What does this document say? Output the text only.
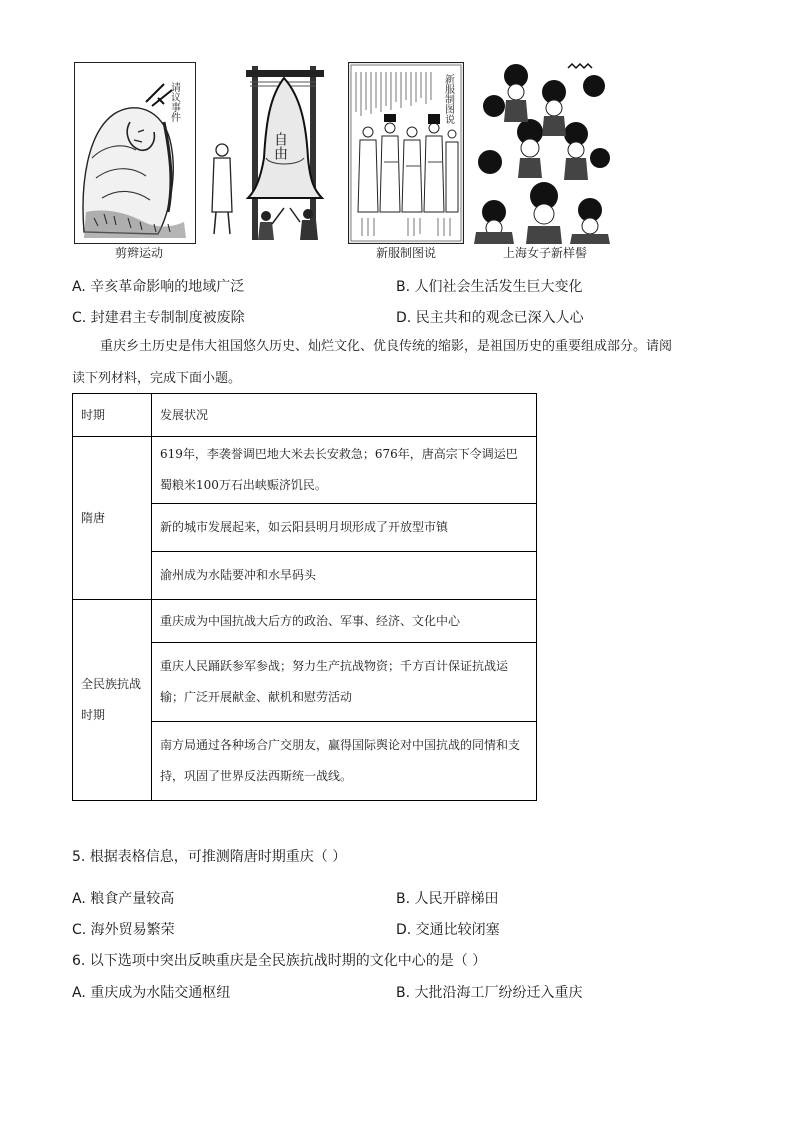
请议事件
剪辫运动
自由
新服制图说
新服制图说	上海女子新样髻
A. 辛亥革命影响的地域广泛	B. 人们社会生活发生巨大变化
C. 封建君主专制制度被废除	D. 民主共和的观念已深入人心
重庆乡土历史是伟大祖国悠久历史、灿烂文化、优良传统的缩影，是祖国历史的重要组成部分。请阅
读下列材料，完成下面小题。
时期	发展状况
隋唐	619年，李袭誉调巴地大米去长安救急；676年，唐高宗下令调运巴蜀粮米100万石出峡赈济饥民。
	新的城市发展起来，如云阳县明月坝形成了开放型市镇
	渝州成为水陆要冲和水旱码头
全民族抗战时期	重庆成为中国抗战大后方的政治、军事、经济、文化中心
	重庆人民踊跃参军参战；努力生产抗战物资；千方百计保证抗战运输；广泛开展献金、献机和慰劳活动
	南方局通过各种场合广交朋友，赢得国际舆论对中国抗战的同情和支持，巩固了世界反法西斯统一战线。
5. 根据表格信息，可推测隋唐时期重庆（ ）
A. 粮食产量较高	B. 人民开辟梯田
C. 海外贸易繁荣	D. 交通比较闭塞
6. 以下选项中突出反映重庆是全民族抗战时期的文化中心的是（ ）
A. 重庆成为水陆交通枢纽	B. 大批沿海工厂纷纷迁入重庆
